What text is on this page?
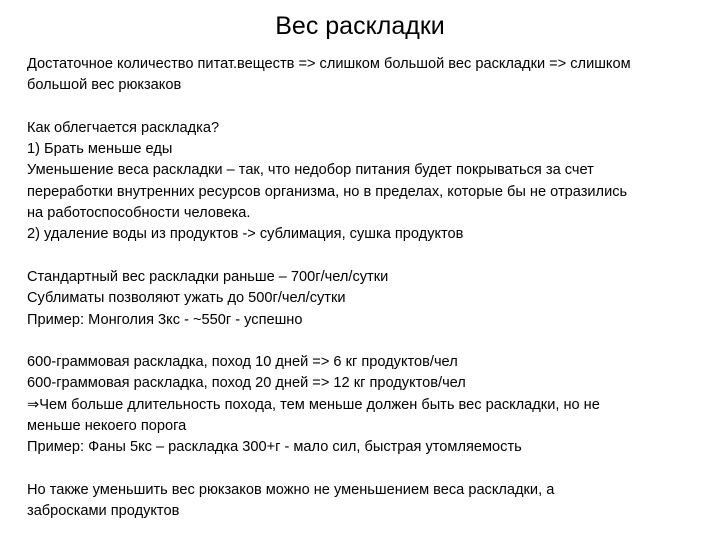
Вес раскладки
Достаточное количество питат.веществ => слишком большой вес раскладки => слишком
большой вес рюкзаков
Как облегчается раскладка?
1) Брать меньше еды
Уменьшение веса раскладки – так, что недобор питания будет покрываться за счет
переработки внутренних ресурсов организма, но в пределах, которые бы не отразились
на работоспособности человека.
2) удаление воды из продуктов -> сублимация, сушка продуктов
Стандартный вес раскладки раньше – 700г/чел/сутки
Сублиматы позволяют ужать до 500г/чел/сутки
Пример: Монголия 3кс - ~550г - успешно
600-граммовая раскладка, поход 10 дней => 6 кг продуктов/чел
600-граммовая раскладка, поход 20 дней => 12 кг продуктов/чел
⇒Чем больше длительность похода, тем меньше должен быть вес раскладки, но не
меньше некоего порога
Пример: Фаны 5кс – раскладка 300+г - мало сил, быстрая утомляемость
Но также уменьшить вес рюкзаков можно не уменьшением веса раскладки, а
забросками продуктов
